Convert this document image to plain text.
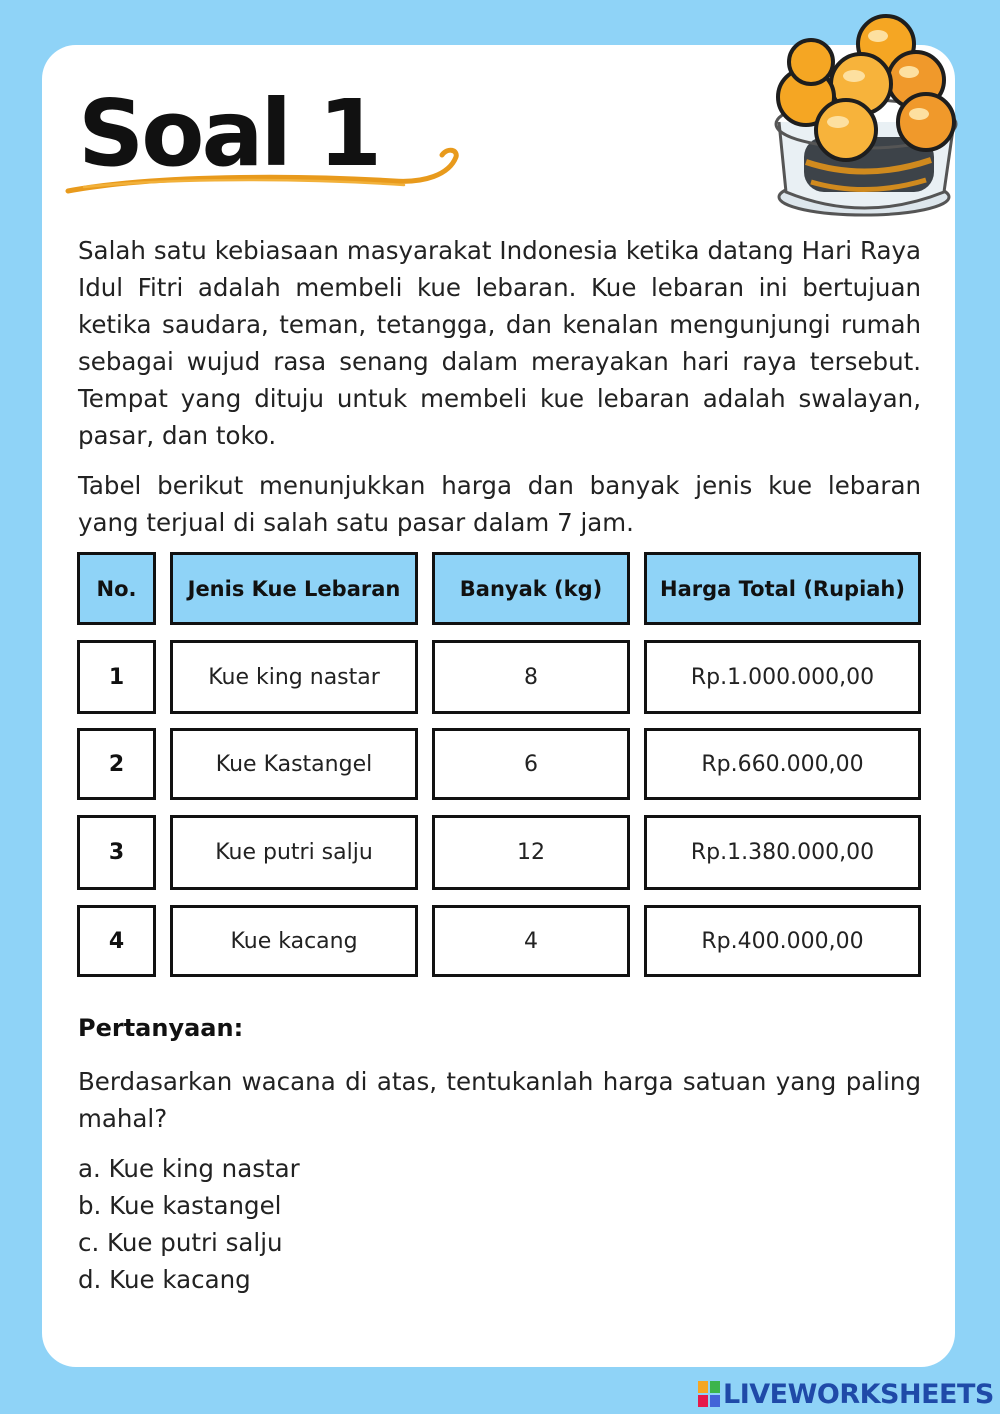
Soal 1

Salah satu kebiasaan masyarakat Indonesia ketika datang Hari Raya Idul Fitri adalah membeli kue lebaran. Kue lebaran ini bertujuan ketika saudara, teman, tetangga, dan kenalan mengunjungi rumah sebagai wujud rasa senang dalam merayakan hari raya tersebut. Tempat yang dituju untuk membeli kue lebaran adalah swalayan, pasar, dan toko.

Tabel berikut menunjukkan harga dan banyak jenis kue lebaran yang terjual di salah satu pasar dalam 7 jam.

No.	Jenis Kue Lebaran	Banyak (kg)	Harga Total (Rupiah)
1	Kue king nastar	8	Rp.1.000.000,00
2	Kue Kastangel	6	Rp.660.000,00
3	Kue putri salju	12	Rp.1.380.000,00
4	Kue kacang	4	Rp.400.000,00
Pertanyaan:

Berdasarkan wacana di atas, tentukanlah harga satuan yang paling mahal?

a. Kue king nastar
b. Kue kastangel
c. Kue putri salju
d. Kue kacang
LIVEWORKSHEETS
